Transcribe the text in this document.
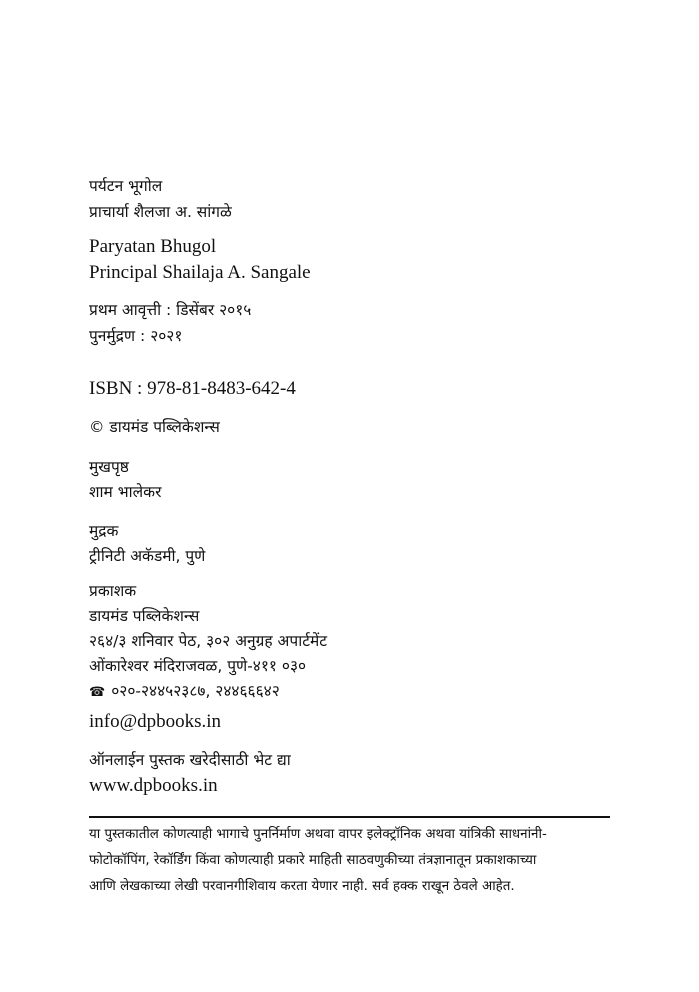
पर्यटन भूगोल
प्राचार्या शैलजा अ. सांगळे
Paryatan Bhugol
Principal Shailaja A. Sangale
प्रथम आवृत्ती : डिसेंबर २०१५
पुनर्मुद्रण : २०२१
ISBN : 978-81-8483-642-4
© डायमंड पब्लिकेशन्स
मुखपृष्ठ
शाम भालेकर
मुद्रक
ट्रीनिटी अकॅडमी, पुणे
प्रकाशक
डायमंड पब्लिकेशन्स
२६४/३ शनिवार पेठ, ३०२ अनुग्रह अपार्टमेंट
ओंकारेश्वर मंदिराजवळ, पुणे-४११ ०३०
☎ ०२०-२४४५२३८७, २४४६६६४२
info@dpbooks.in
ऑनलाईन पुस्तक खरेदीसाठी भेट द्या
www.dpbooks.in
या पुस्तकातील कोणत्याही भागाचे पुनर्निर्माण अथवा वापर इलेक्ट्रॉनिक अथवा यांत्रिकी साधनांनी-
फोटोकॉपिंग, रेकॉर्डिंग किंवा कोणत्याही प्रकारे माहिती साठवणुकीच्या तंत्रज्ञानातून प्रकाशकाच्या
आणि लेखकाच्या लेखी परवानगीशिवाय करता येणार नाही. सर्व हक्क राखून ठेवले आहेत.
